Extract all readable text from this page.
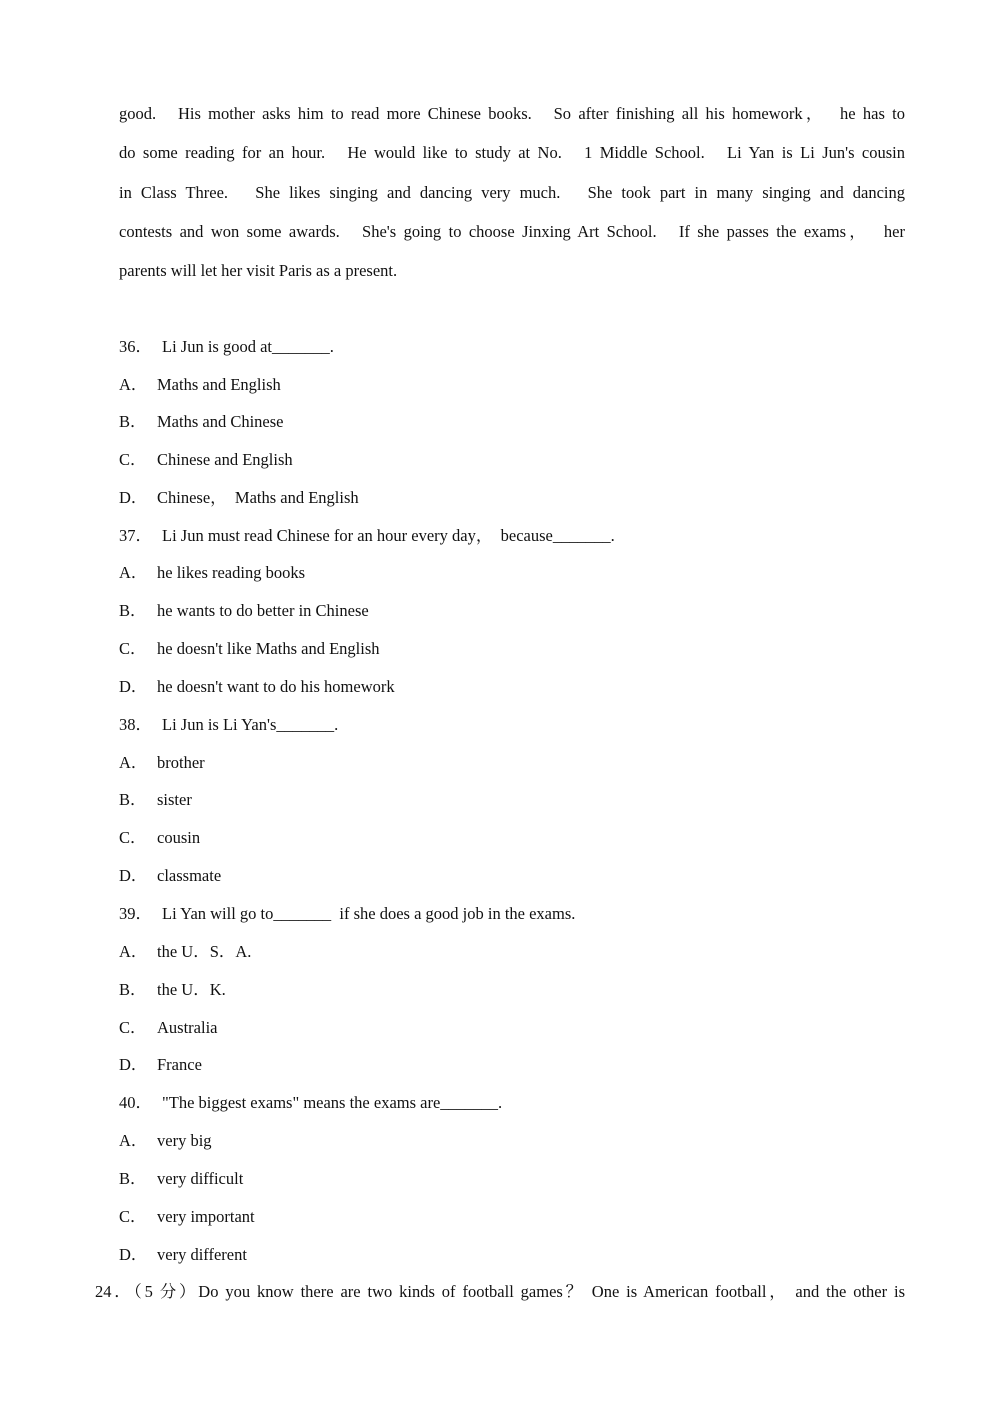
good.   His mother asks him to read more Chinese books.   So after finishing all his homework，  he has to
do some reading for an hour.   He would like to study at No.   1 Middle School.   Li Yan is Li Jun's cousin
in Class Three.   She likes singing and dancing very much.   She took part in many singing and dancing
contests and won some awards.   She's going to choose Jinxing Art School.   If she passes the exams，  her
parents will let her visit Paris as a present.
36． Li Jun is good at_______.
A． Maths and English
B． Maths and Chinese
C． Chinese and English
D． Chinese，  Maths and English
37． Li Jun must read Chinese for an hour every day，  because_______.
A． he likes reading books
B． he wants to do better in Chinese
C． he doesn't like Maths and English
D． he doesn't want to do his homework
38． Li Jun is Li Yan's_______.
A． brother
B． sister
C． cousin
D． classmate
39． Li Yan will go to_______  if she does a good job in the exams.
A． the U．S．A.
B． the U．K.
C． Australia
D． France
40． "The biggest exams" means the exams are_______.
A． very big
B． very difficult
C． very important
D． very different
24．（5 分）Do you know there are two kinds of football games？ One is American football， and the other is
